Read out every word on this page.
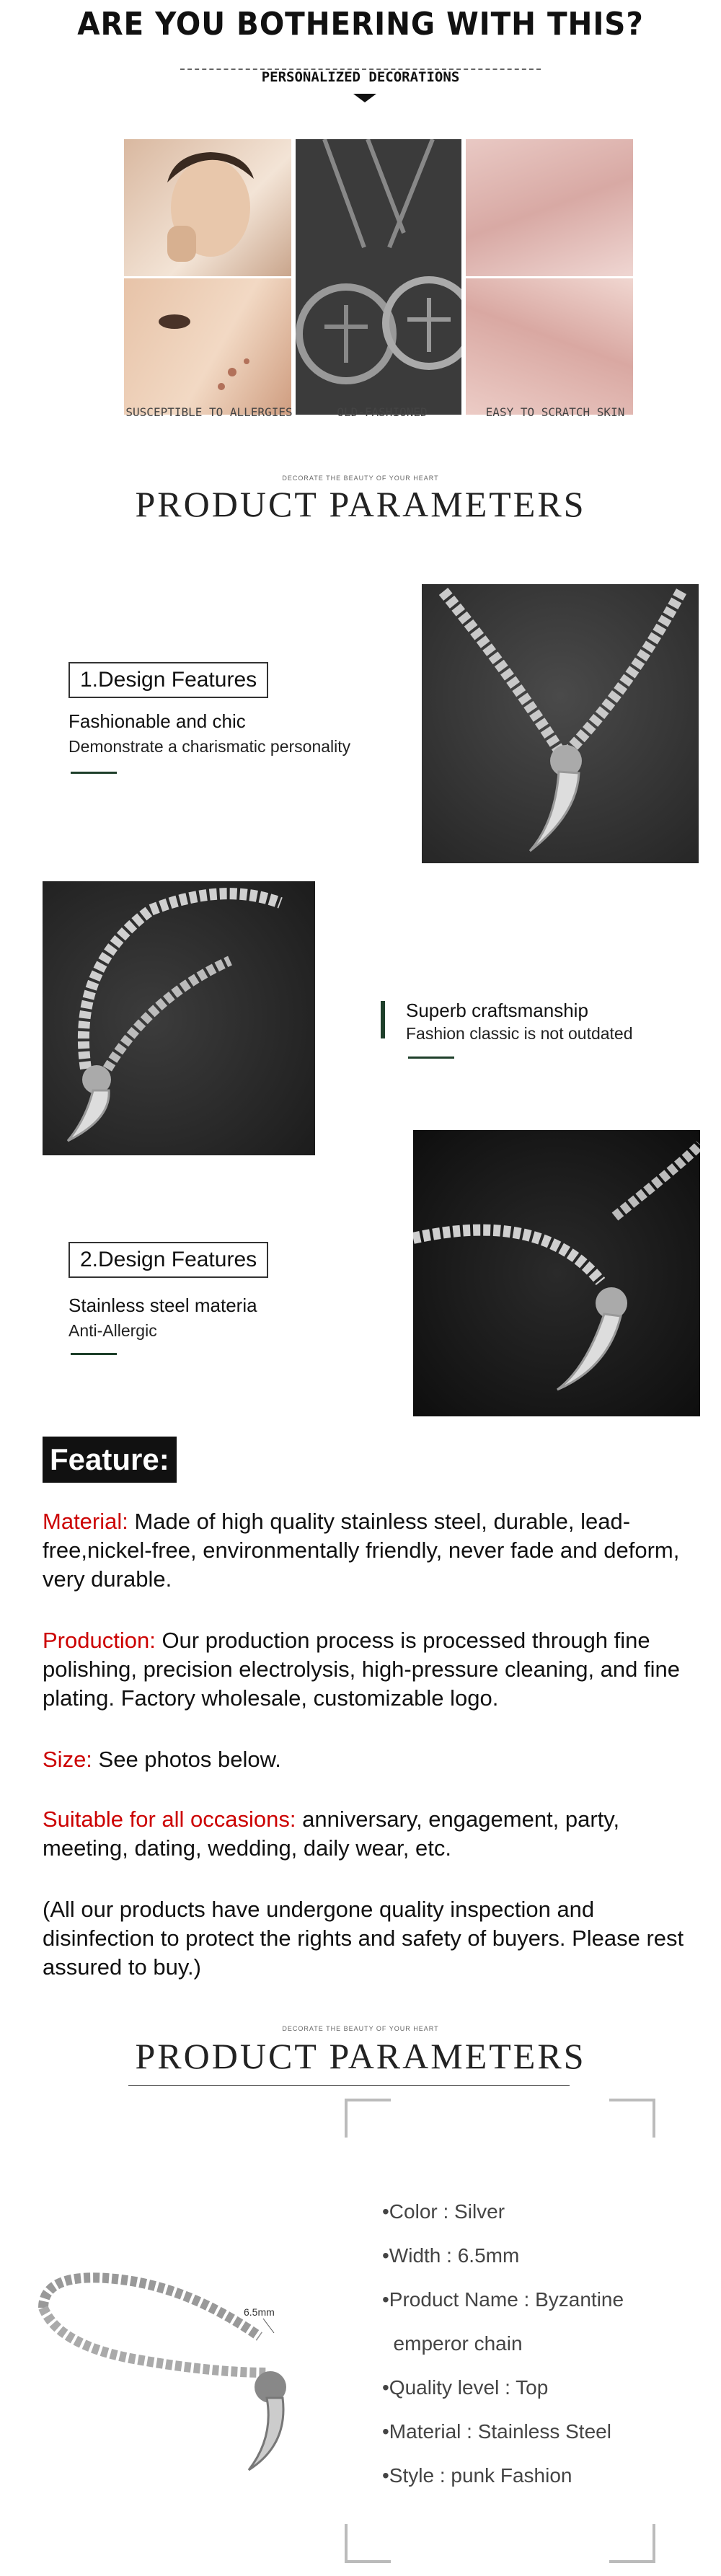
ARE YOU BOTHERING WITH THIS?
PERSONALIZED DECORATIONS
SUSCEPTIBLE TO ALLERGIES	OLD-FASHIONED	EASY TO SCRATCH SKIN
DECORATE THE BEAUTY OF YOUR HEART
PRODUCT PARAMETERS
1.Design Features
Fashionable and chic
Demonstrate a charismatic personality
Superb craftsmanship
Fashion classic is not outdated
2.Design Features
Stainless steel materia
Anti-Allergic
Feature:
Material: Made of high quality stainless steel, durable, lead-free,nickel-free, environmentally friendly, never fade and deform, very durable.
Production: Our production process is processed through fine polishing, precision electrolysis, high-pressure cleaning, and fine plating. Factory wholesale, customizable logo.
Size: See photos below.
Suitable for all occasions: anniversary, engagement, party, meeting, dating, wedding, daily wear, etc.
(All our products have undergone quality inspection and disinfection to protect the rights and safety of buyers. Please rest assured to buy.)
DECORATE THE BEAUTY OF YOUR HEART
PRODUCT PARAMETERS
•Color : Silver
•Width : 6.5mm
•Product Name : Byzantine
emperor chain
•Quality level : Top
•Material : Stainless Steel
•Style : punk Fashion
6.5mm
